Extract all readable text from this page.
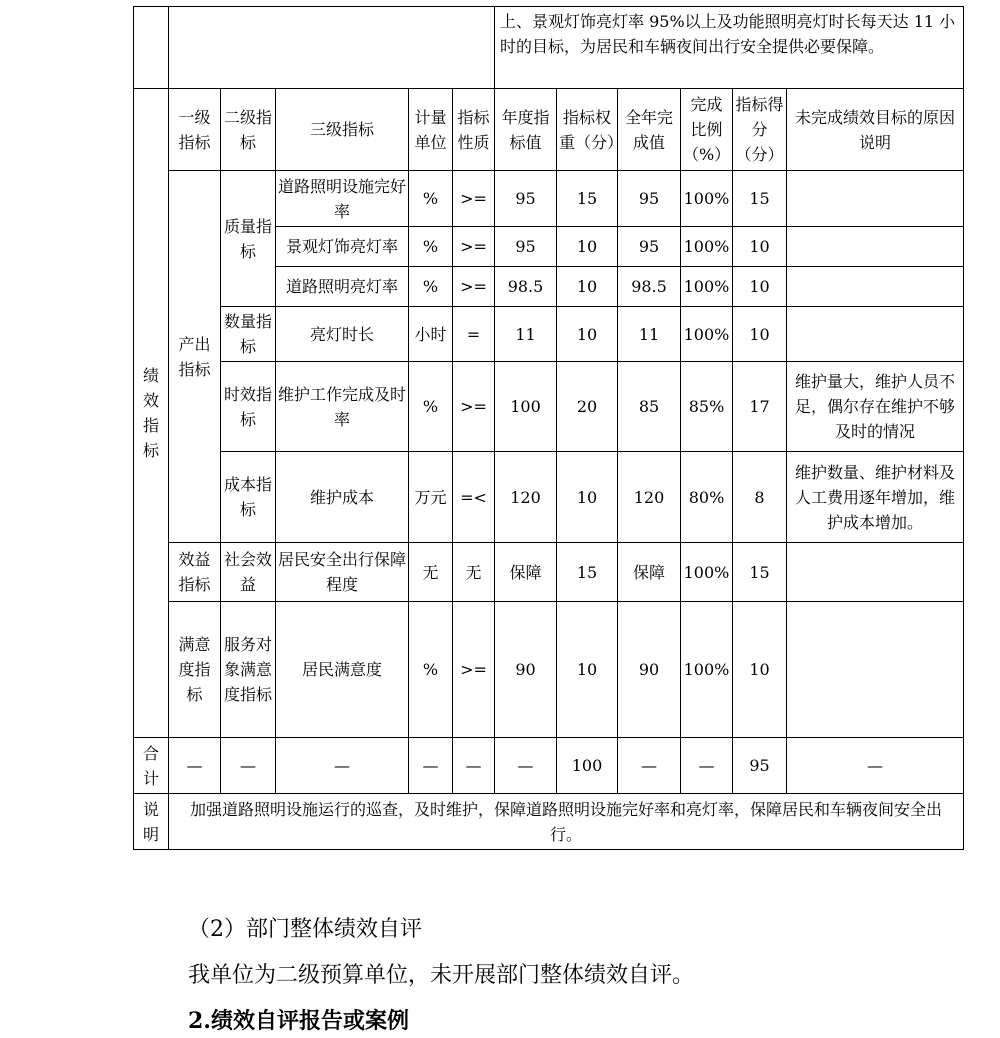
						上、景观灯饰亮灯率 95%以上及功能照明亮灯时长每天达 11 小时的目标，为居民和车辆夜间出行安全提供必要保障。					
绩效指标	一级指标	二级指标	三级指标	计量单位	指标性质	年度指标值	指标权重（分）	全年完成值	完成比例（%）	指标得分（分）	未完成绩效目标的原因说明
	产出指标	质量指标	道路照明设施完好率	%	>=	95	15	95	100%	15	
			景观灯饰亮灯率	%	>=	95	10	95	100%	10	
			道路照明亮灯率	%	>=	98.5	10	98.5	100%	10	
		数量指标	亮灯时长	小时	=	11	10	11	100%	10	
		时效指标	维护工作完成及时率	%	>=	100	20	85	85%	17	维护量大，维护人员不足，偶尔存在维护不够及时的情况
		成本指标	维护成本	万元	=<	120	10	120	80%	8	维护数量、维护材料及人工费用逐年增加，维护成本增加。
	效益指标	社会效益	居民安全出行保障程度	无	无	保障	15	保障	100%	15	
	满意度指标	服务对象满意度指标	居民满意度	%	>=	90	10	90	100%	10	
合计	—	—	—	—	—	—	100	—	—	95	—
说明	加强道路照明设施运行的巡查，及时维护，保障道路照明设施完好率和亮灯率，保障居民和车辆夜间安全出行。										
（2）部门整体绩效自评
我单位为二级预算单位，未开展部门整体绩效自评。
2.绩效自评报告或案例
